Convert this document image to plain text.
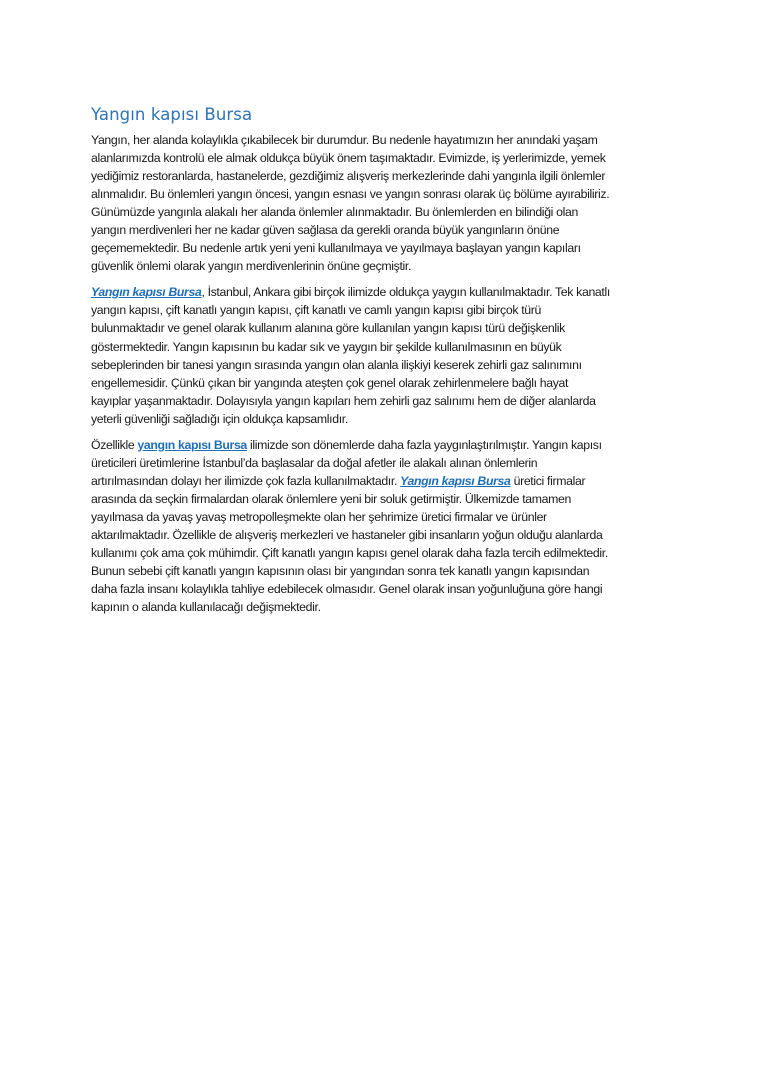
Yangın kapısı Bursa

Yangın, her alanda kolaylıkla çıkabilecek bir durumdur. Bu nedenle hayatımızın her anındaki yaşam
alanlarımızda kontrolü ele almak oldukça büyük önem taşımaktadır. Evimizde, iş yerlerimizde, yemek
yediğimiz restoranlarda, hastanelerde, gezdiğimiz alışveriş merkezlerinde dahi yangınla ilgili önlemler
alınmalıdır. Bu önlemleri yangın öncesi, yangın esnası ve yangın sonrası olarak üç bölüme ayırabiliriz.
Günümüzde yangınla alakalı her alanda önlemler alınmaktadır. Bu önlemlerden en bilindiği olan
yangın merdivenleri her ne kadar güven sağlasa da gerekli oranda büyük yangınların önüne
geçememektedir. Bu nedenle artık yeni yeni kullanılmaya ve yayılmaya başlayan yangın kapıları
güvenlik önlemi olarak yangın merdivenlerinin önüne geçmiştir.

Yangın kapısı Bursa, İstanbul, Ankara gibi birçok ilimizde oldukça yaygın kullanılmaktadır. Tek kanatlı
yangın kapısı, çift kanatlı yangın kapısı, çift kanatlı ve camlı yangın kapısı gibi birçok türü
bulunmaktadır ve genel olarak kullanım alanına göre kullanılan yangın kapısı türü değişkenlik
göstermektedir. Yangın kapısının bu kadar sık ve yaygın bir şekilde kullanılmasının en büyük
sebeplerinden bir tanesi yangın sırasında yangın olan alanla ilişkiyi keserek zehirli gaz salınımını
engellemesidir. Çünkü çıkan bir yangında ateşten çok genel olarak zehirlenmelere bağlı hayat
kayıplar yaşanmaktadır. Dolayısıyla yangın kapıları hem zehirli gaz salınımı hem de diğer alanlarda
yeterli güvenliği sağladığı için oldukça kapsamlıdır.

Özellikle yangın kapısı Bursa ilimizde son dönemlerde daha fazla yaygınlaştırılmıştır. Yangın kapısı
üreticileri üretimlerine İstanbul’da başlasalar da doğal afetler ile alakalı alınan önlemlerin
artırılmasından dolayı her ilimizde çok fazla kullanılmaktadır. Yangın kapısı Bursa üretici firmalar
arasında da seçkin firmalardan olarak önlemlere yeni bir soluk getirmiştir. Ülkemizde tamamen
yayılmasa da yavaş yavaş metropolleşmekte olan her şehrimize üretici firmalar ve ürünler
aktarılmaktadır. Özellikle de alışveriş merkezleri ve hastaneler gibi insanların yoğun olduğu alanlarda
kullanımı çok ama çok mühimdir. Çift kanatlı yangın kapısı genel olarak daha fazla tercih edilmektedir.
Bunun sebebi çift kanatlı yangın kapısının olası bir yangından sonra tek kanatlı yangın kapısından
daha fazla insanı kolaylıkla tahliye edebilecek olmasıdır. Genel olarak insan yoğunluğuna göre hangi
kapının o alanda kullanılacağı değişmektedir.
